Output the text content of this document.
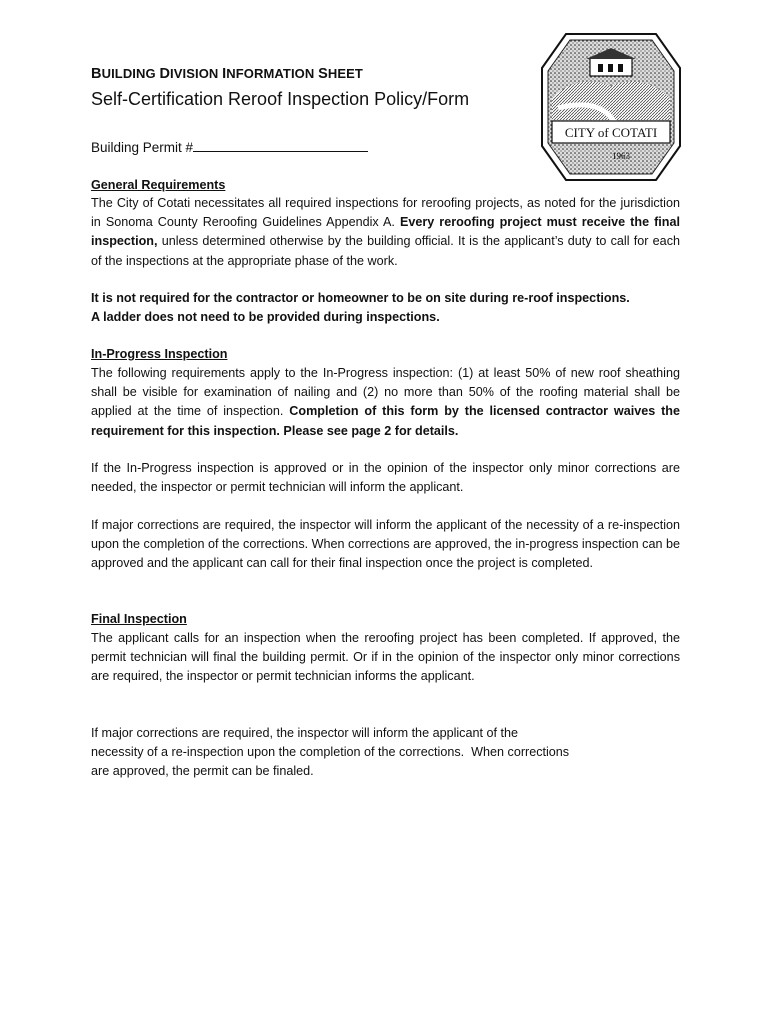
BUILDING DIVISION INFORMATION SHEET
Self-Certification Reroof Inspection Policy/Form
Building Permit #
CITY of COTATI
1963
General Requirements

The City of Cotati necessitates all required inspections for reroofing projects, as noted for the jurisdiction in Sonoma County Reroofing Guidelines Appendix A. Every reroofing project must receive the final inspection, unless determined otherwise by the building official. It is the applicant’s duty to call for each of the inspections at the appropriate phase of the work.

It is not required for the contractor or homeowner to be on site during re-roof inspections.
A ladder does not need to be provided during inspections.
In-Progress Inspection

The following requirements apply to the In-Progress inspection: (1) at least 50% of new roof sheathing shall be visible for examination of nailing and (2) no more than 50% of the roofing material shall be applied at the time of inspection. Completion of this form by the licensed contractor waives the requirement for this inspection. Please see page 2 for details.

If the In-Progress inspection is approved or in the opinion of the inspector only minor corrections are needed, the inspector or permit technician will inform the applicant.

If major corrections are required, the inspector will inform the applicant of the necessity of a re-inspection upon the completion of the corrections. When corrections are approved, the in-progress inspection can be approved and the applicant can call for their final inspection once the project is completed.

Final Inspection

The applicant calls for an inspection when the reroofing project has been completed. If approved, the permit technician will final the building permit. Or if in the opinion of the inspector only minor corrections are required, the inspector or permit technician informs the applicant.

If major corrections are required, the inspector will inform the applicant of the
necessity of a re-inspection upon the completion of the corrections.  When corrections
are approved, the permit can be finaled.
